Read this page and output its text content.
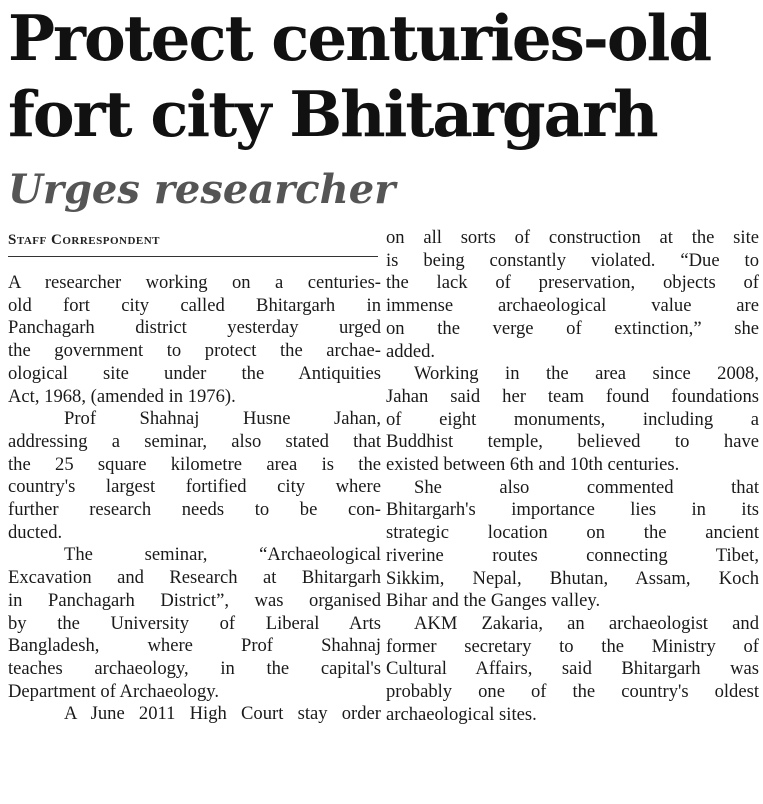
Protect centuries-old
fort city Bhitargarh
Urges researcher
Staff Correspondent

A researcher working on a centuries-
old fort city called Bhitargarh in
Panchagarh district yesterday urged
the government to protect the archae-
ological site under the Antiquities
Act, 1968, (amended in 1976).

Prof Shahnaj Husne Jahan,
addressing a seminar, also stated that
the 25 square kilometre area is the
country's largest fortified city where
further research needs to be con-
ducted.

The seminar, “Archaeological
Excavation and Research at Bhitargarh
in Panchagarh District”, was organised
by the University of Liberal Arts
Bangladesh, where Prof Shahnaj
teaches archaeology, in the capital's
Department of Archaeology.

A June 2011 High Court stay order

on all sorts of construction at the site
is being constantly violated. “Due to
the lack of preservation, objects of
immense archaeological value are
on the verge of extinction,” she
added.

Working in the area since 2008,
Jahan said her team found foundations
of eight monuments, including a
Buddhist temple, believed to have
existed between 6th and 10th centuries.

She also commented that
Bhitargarh's importance lies in its
strategic location on the ancient
riverine routes connecting Tibet,
Sikkim, Nepal, Bhutan, Assam, Koch
Bihar and the Ganges valley.

AKM Zakaria, an archaeologist and
former secretary to the Ministry of
Cultural Affairs, said Bhitargarh was
probably one of the country's oldest
archaeological sites.
